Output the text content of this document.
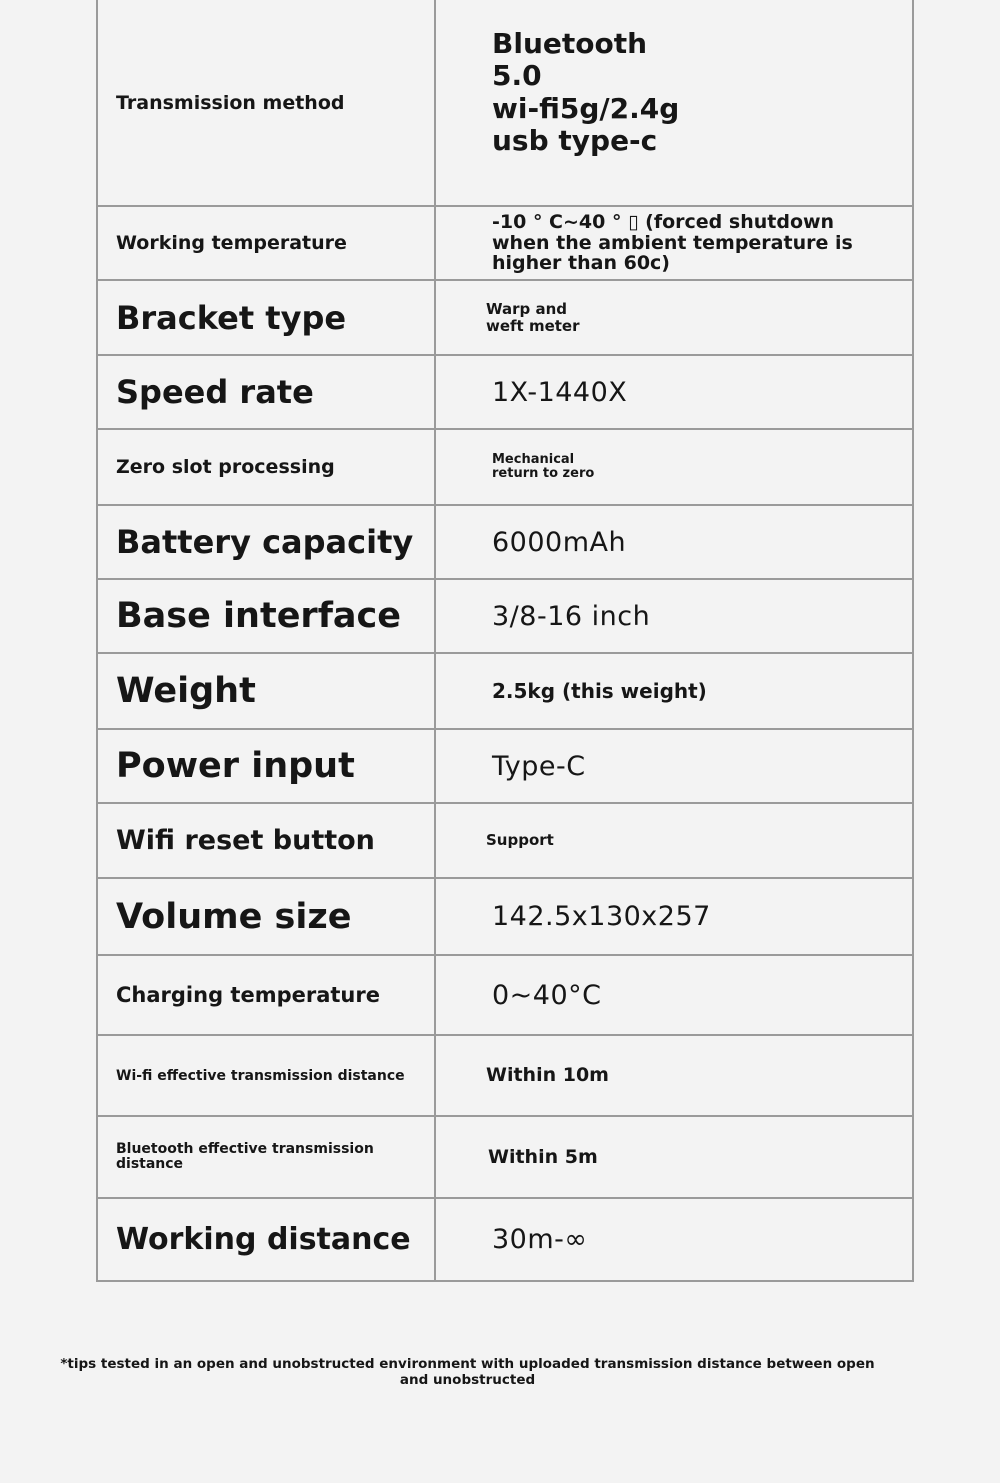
Transmission method	Bluetooth
5.0
wi-fi5g/2.4g
usb type-c

Working temperature	-10 ° C~40 ° ▯ (forced shutdown
when the ambient temperature is
higher than 60c)

Bracket type	Warp and
weft meter

Speed rate	1X-1440X
Zero slot processing	Mechanical
return to zero

Battery capacity	6000mAh
Base interface	3/8-16 inch
Weight	2.5kg (this weight)
Power input	Type-C
Wifi reset button	Support
Volume size	142.5x130x257
Charging temperature	0~40°C
Wi-fi effective transmission distance	Within 10m
Bluetooth effective transmission distance	Within 5m
Working distance	30m-∞
*tips tested in an open and unobstructed environment with uploaded transmission distance between open and unobstructed
